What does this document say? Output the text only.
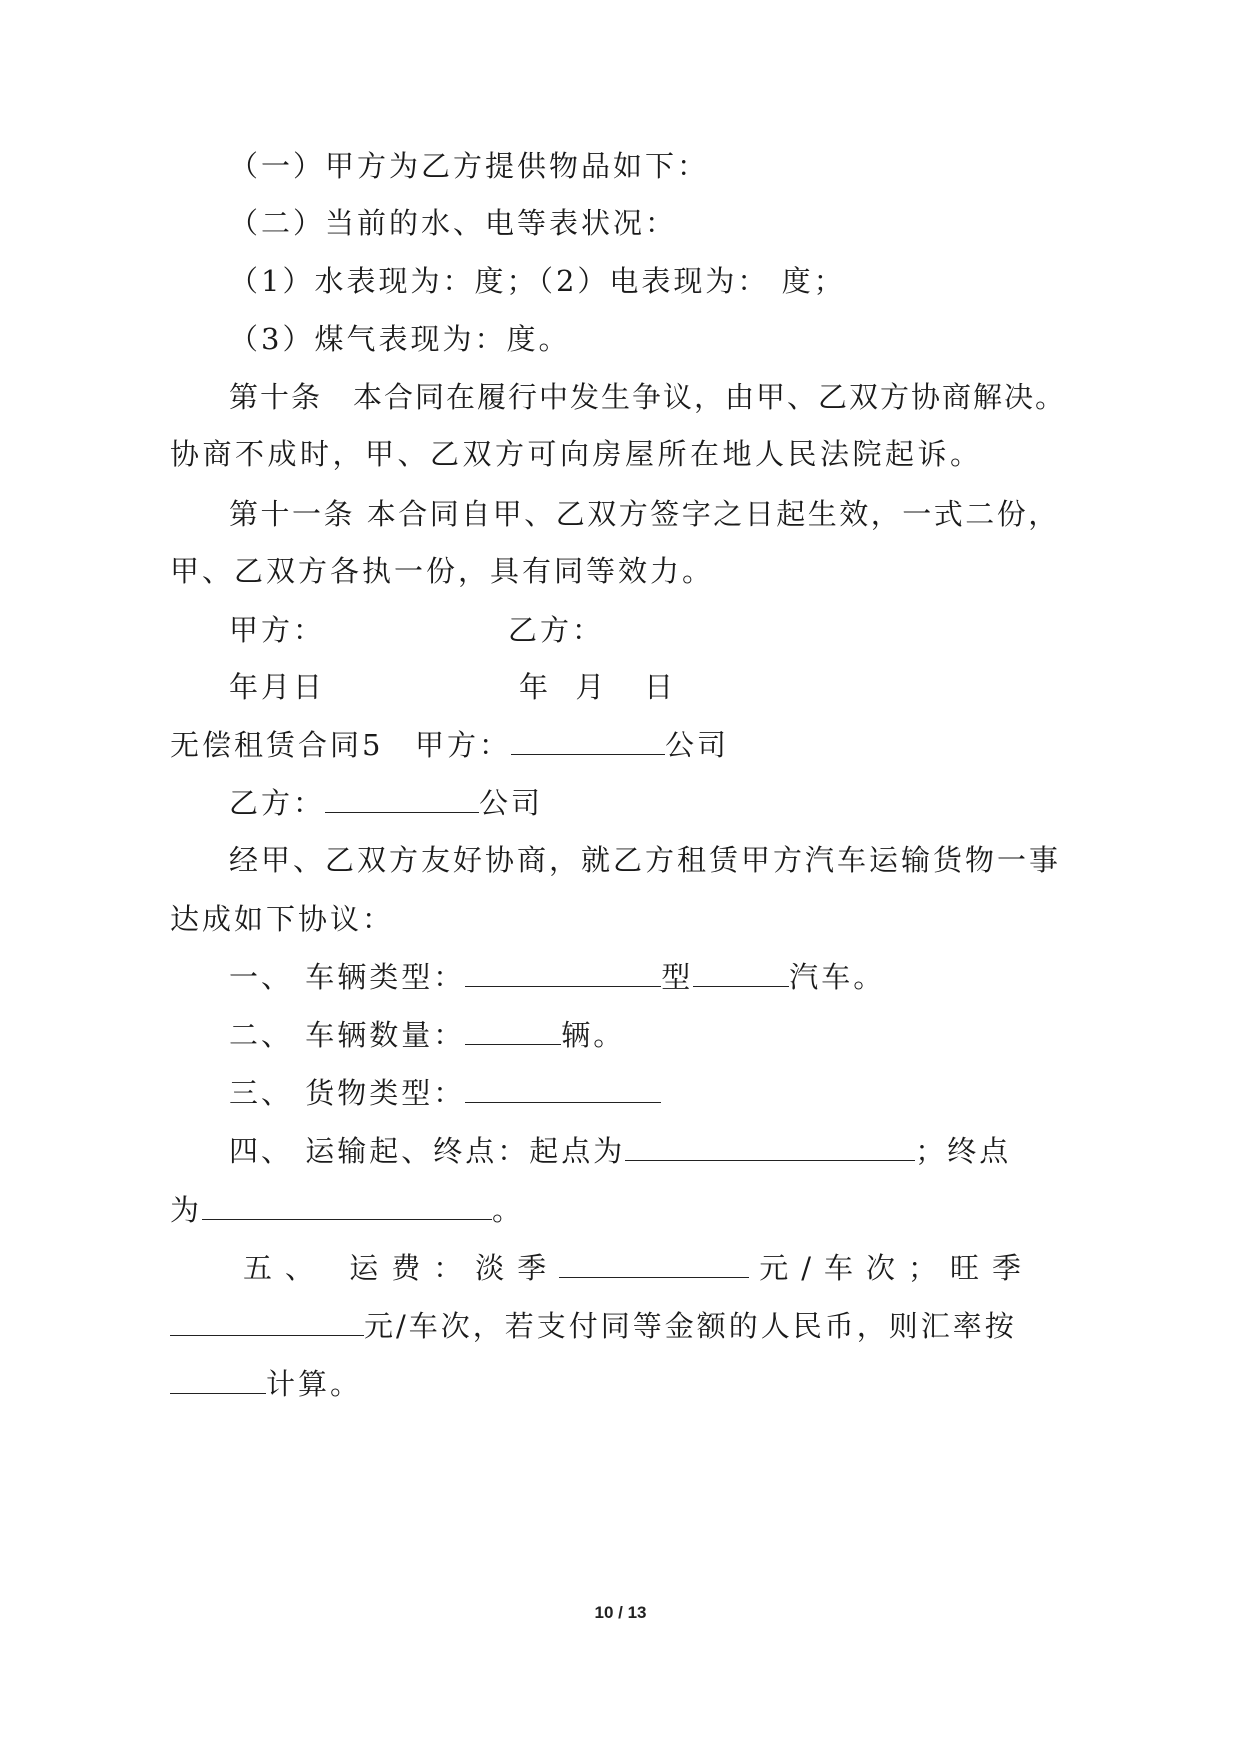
（一）甲方为乙方提供物品如下：
（二）当前的水、电等表状况：
（1）水表现为：度；（2）电表现为： 度；
（3）煤气表现为：度。
第十条　本合同在履行中发生争议，由甲、乙双方协商解决。
协商不成时，甲、乙双方可向房屋所在地人民法院起诉。
第十一条 本合同自甲、乙双方签字之日起生效，一式二份，
甲、乙双方各执一份，具有同等效力。
甲方：	乙方：
年月日	年  月   日
无偿租赁合同5 甲方：	公司
乙方：	公司
经甲、乙双方友好协商，就乙方租赁甲方汽车运输货物一事
达成如下协议：
一、 车辆类型：	型	汽车。
二、 车辆数量：	辆。
三、 货物类型：
四、 运输起、终点：起点为	；终点
为	。
五、 运费：淡季	元/车次；旺季
元/车次，若支付同等金额的人民币，则汇率按
计算。
10 / 13
